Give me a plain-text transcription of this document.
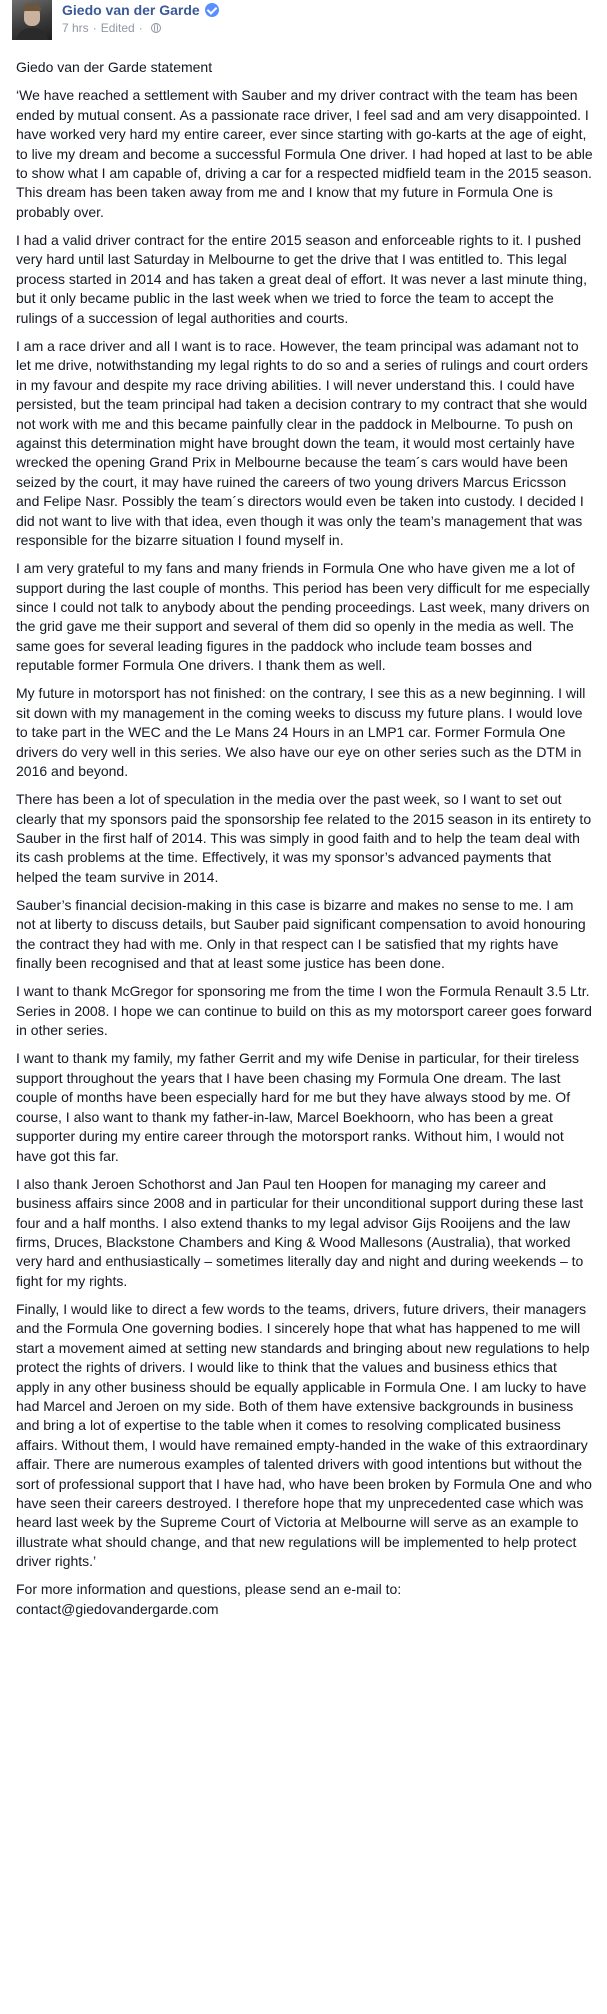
Giedo van der Garde
7 hrs · Edited ·

Giedo van der Garde statement

‘We have reached a settlement with Sauber and my driver contract with the team has been ended by mutual consent. As a passionate race driver, I feel sad and am very disappointed. I have worked very hard my entire career, ever since starting with go-karts at the age of eight, to live my dream and become a successful Formula One driver. I had hoped at last to be able to show what I am capable of, driving a car for a respected midfield team in the 2015 season. This dream has been taken away from me and I know that my future in Formula One is probably over.

I had a valid driver contract for the entire 2015 season and enforceable rights to it. I pushed very hard until last Saturday in Melbourne to get the drive that I was entitled to. This legal process started in 2014 and has taken a great deal of effort. It was never a last minute thing, but it only became public in the last week when we tried to force the team to accept the rulings of a succession of legal authorities and courts.

I am a race driver and all I want is to race. However, the team principal was adamant not to let me drive, notwithstanding my legal rights to do so and a series of rulings and court orders in my favour and despite my race driving abilities. I will never understand this. I could have persisted, but the team principal had taken a decision contrary to my contract that she would not work with me and this became painfully clear in the paddock in Melbourne. To push on against this determination might have brought down the team, it would most certainly have wrecked the opening Grand Prix in Melbourne because the team´s cars would have been seized by the court, it may have ruined the careers of two young drivers Marcus Ericsson and Felipe Nasr. Possibly the team´s directors would even be taken into custody. I decided I did not want to live with that idea, even though it was only the team’s management that was responsible for the bizarre situation I found myself in.

I am very grateful to my fans and many friends in Formula One who have given me a lot of support during the last couple of months. This period has been very difficult for me especially since I could not talk to anybody about the pending proceedings. Last week, many drivers on the grid gave me their support and several of them did so openly in the media as well. The same goes for several leading figures in the paddock who include team bosses and reputable former Formula One drivers. I thank them as well.

My future in motorsport has not finished: on the contrary, I see this as a new beginning. I will sit down with my management in the coming weeks to discuss my future plans. I would love to take part in the WEC and the Le Mans 24 Hours in an LMP1 car. Former Formula One drivers do very well in this series. We also have our eye on other series such as the DTM in 2016 and beyond.

There has been a lot of speculation in the media over the past week, so I want to set out clearly that my sponsors paid the sponsorship fee related to the 2015 season in its entirety to Sauber in the first half of 2014. This was simply in good faith and to help the team deal with its cash problems at the time. Effectively, it was my sponsor’s advanced payments that helped the team survive in 2014.

Sauber’s financial decision-making in this case is bizarre and makes no sense to me. I am not at liberty to discuss details, but Sauber paid significant compensation to avoid honouring the contract they had with me. Only in that respect can I be satisfied that my rights have finally been recognised and that at least some justice has been done.

I want to thank McGregor for sponsoring me from the time I won the Formula Renault 3.5 Ltr. Series in 2008. I hope we can continue to build on this as my motorsport career goes forward in other series.

I want to thank my family, my father Gerrit and my wife Denise in particular, for their tireless support throughout the years that I have been chasing my Formula One dream. The last couple of months have been especially hard for me but they have always stood by me. Of course, I also want to thank my father-in-law, Marcel Boekhoorn, who has been a great supporter during my entire career through the motorsport ranks. Without him, I would not have got this far.

I also thank Jeroen Schothorst and Jan Paul ten Hoopen for managing my career and business affairs since 2008 and in particular for their unconditional support during these last four and a half months. I also extend thanks to my legal advisor Gijs Rooijens and the law firms, Druces, Blackstone Chambers and King & Wood Mallesons (Australia), that worked very hard and enthusiastically – sometimes literally day and night and during weekends – to fight for my rights.

Finally, I would like to direct a few words to the teams, drivers, future drivers, their managers and the Formula One governing bodies. I sincerely hope that what has happened to me will start a movement aimed at setting new standards and bringing about new regulations to help protect the rights of drivers. I would like to think that the values and business ethics that apply in any other business should be equally applicable in Formula One. I am lucky to have had Marcel and Jeroen on my side. Both of them have extensive backgrounds in business and bring a lot of expertise to the table when it comes to resolving complicated business affairs. Without them, I would have remained empty-handed in the wake of this extraordinary affair. There are numerous examples of talented drivers with good intentions but without the sort of professional support that I have had, who have been broken by Formula One and who have seen their careers destroyed. I therefore hope that my unprecedented case which was heard last week by the Supreme Court of Victoria at Melbourne will serve as an example to illustrate what should change, and that new regulations will be implemented to help protect driver rights.’

For more information and questions, please send an e-mail to:
contact@giedovandergarde.com
